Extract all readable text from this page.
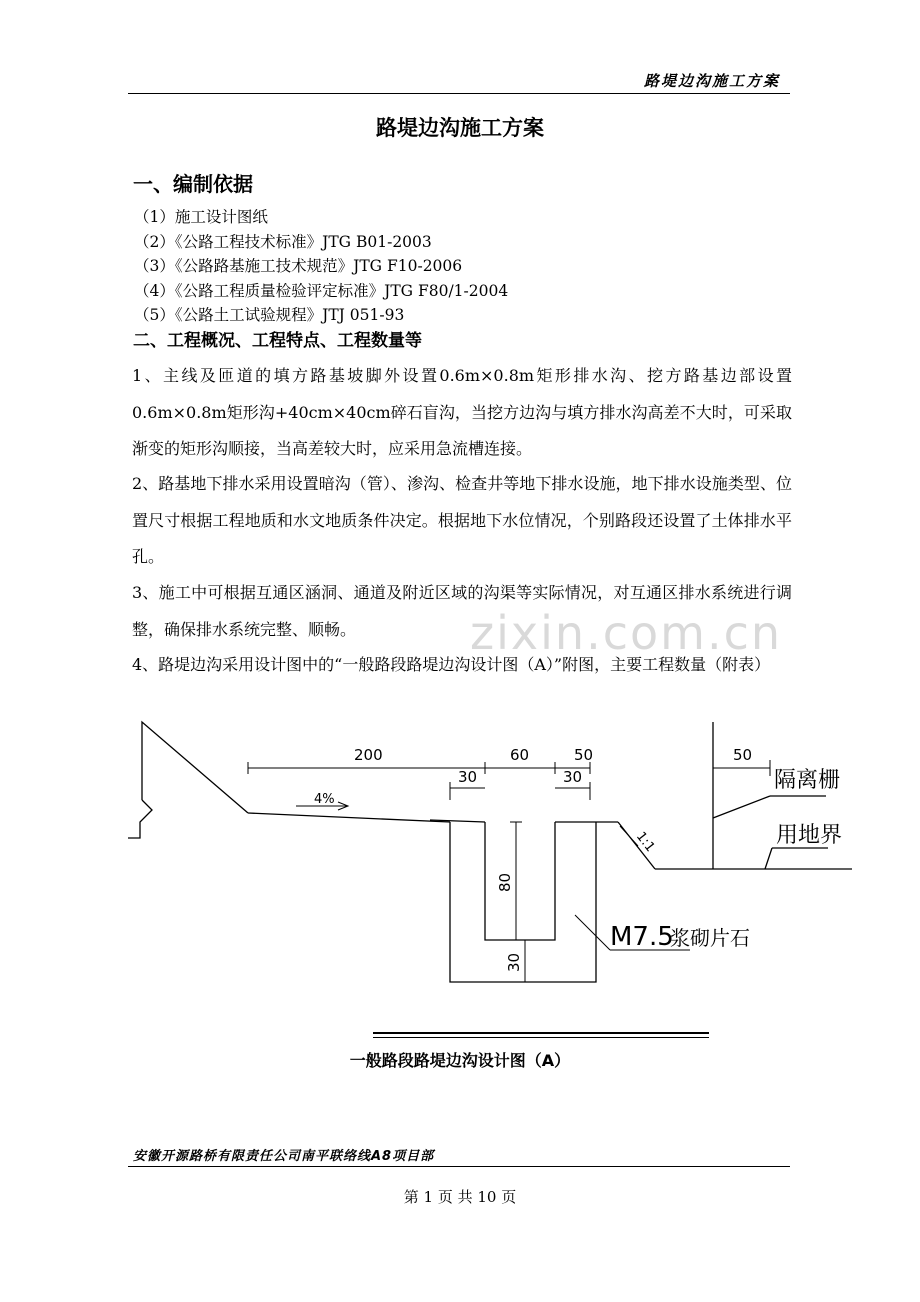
zixin.com.cn
路堤边沟施工方案
路堤边沟施工方案
一、编制依据
（1）施工设计图纸
（2）《公路工程技术标准》JTG B01-2003
（3）《公路路基施工技术规范》JTG F10-2006
（4）《公路工程质量检验评定标准》JTG F80/1-2004
（5）《公路土工试验规程》JTJ 051-93
二、工程概况、工程特点、工程数量等
1、主线及匝道的填方路基坡脚外设置0.6m×0.8m矩形排水沟、挖方路基边部设置0.6m×0.8m矩形沟+40cm×40cm碎石盲沟，当挖方边沟与填方排水沟高差不大时，可采取渐变的矩形沟顺接，当高差较大时，应采用急流槽连接。
2、路基地下排水采用设置暗沟（管）、渗沟、检查井等地下排水设施，地下排水设施类型、位置尺寸根据工程地质和水文地质条件决定。根据地下水位情况，个别路段还设置了土体排水平孔。
3、施工中可根据互通区涵洞、通道及附近区域的沟渠等实际情况，对互通区排水系统进行调整，确保排水系统完整、顺畅。
4、路堤边沟采用设计图中的“一般路段路堤边沟设计图（A）”附图，主要工程数量（附表）
200	60	50
30	30
4%
1:1
80
30
50
隔离栅
用地界
M7.5
浆砌片石
一般路段路堤边沟设计图（A）
安徽开源路桥有限责任公司南平联络线A8项目部
第 1 页 共 10 页
